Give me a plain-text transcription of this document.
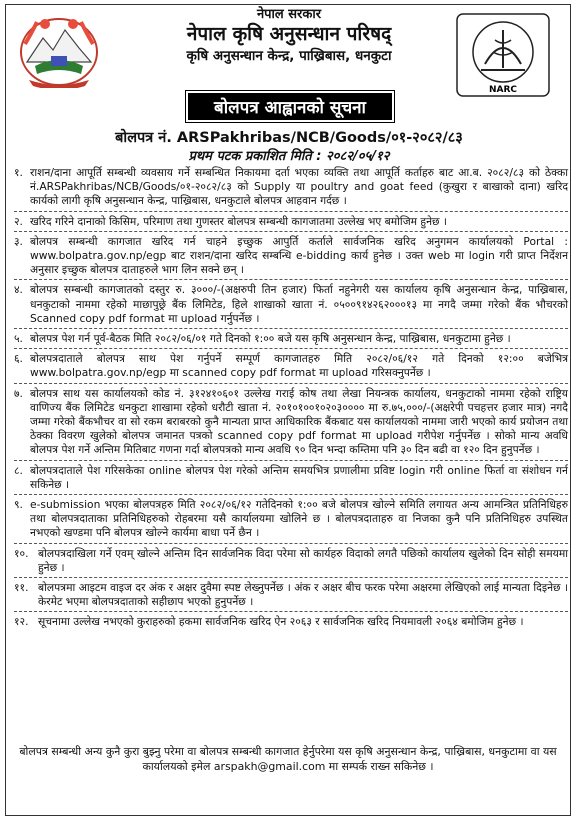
NARC
नेपाल सरकार
नेपाल कृषि अनुसन्धान परिषद्
कृषि अनुसन्धान केन्द्र, पाख्रिबास, धनकुटा
बोलपत्र आह्वानको सूचना
बोलपत्र नं. ARSPakhribas/NCB/Goods/०१-२०८२/८३
प्रथम पटक प्रकाशित मिति : २०८२/०५/१२
१. राशन/दाना आपूर्ति सम्बन्धी व्यवसाय गर्ने सम्बन्धित निकायमा दर्ता भएका व्यक्ति तथा आपूर्ति कर्ताहरु बाट आ.ब. २०८२/८३ को ठेक्का नं.ARSPakhribas/NCB/Goods/०१-२०८२/८३ को Supply या poultry and goat feed (कुखुरा र बाखाको दाना) खरिद कार्यको लागी कृषि अनुसन्धान केन्द्र, पाख्रिबास, धनकुटाले बोलपत्र आहवान गर्दछ ।
२. खरिद गरिने दानाको किसिम, परिमाण तथा गुणस्तर बोलपत्र सम्बन्धी कागजातमा उल्लेख भए बमोजिम हुनेछ ।
३. बोलपत्र सम्बन्धी कागजात खरिद गर्न चाहने इच्छुक आपुर्ति कर्ताले सार्वजनिक खरिद अनुगमन कार्यालयको Portal : www.bolpatra.gov.np/egp बाट राशन/दाना खरिद सम्बन्धि e-bidding कार्य हुनेछ । उक्त web मा login गरी प्राप्त निर्देशन अनुसार इच्छुक बोलपत्र दाताहरुले भाग लिन सक्ने छन् ।
४. बोलपत्र सम्बन्धी कागजातको दस्तुर रु. ३०००/-(अक्षरुपी तिन हजार) फिर्ता नहुनेगरी यस कार्यालय कृषि अनुसन्धान केन्द्र, पाख्रिबास, धनकुटाको नाममा रहेको माछापुछ्रे बैंक लिमिटेड, हिले शाखाको खाता नं. ०५००९१४२६२०००१३ मा नगदै जम्मा गरेको बैंक भौचरको Scanned copy pdf format मा upload गर्नुपर्नेछ ।
५. बोलपत्र पेश गर्न पूर्व-बैठक मिति २०८२/०६/०१ गते दिनको १:०० बजे यस कृषि अनुसन्धान केन्द्र, पाख्रिबास, धनकुटामा हुनेछ ।
६. बोलपत्रदाताले बोलपत्र साथ पेश गर्नुपर्ने सम्पूर्ण कागजातहरु मिति २०८२/०६/१२ गते दिनको १२:०० बजेभित्र www.bolpatra.gov.np/egp मा scanned copy pdf format मा upload गरिसक्नुपर्नेछ ।
७. बोलपत्र साथ यस कार्यालयको कोड नं. ३१२४१०६०१ उल्लेख गराई कोष तथा लेखा नियन्त्रक कार्यालय, धनकुटाको नाममा रहेको राष्ट्रिय वाणिज्य बैंक लिमिटेड धनकुटा शाखामा रहेको धरौटी खाता नं. २०१०१००१०२०३०००० मा रु.७५,०००/-(अक्षरेपी पचहत्तर हजार मात्र) नगदै जम्मा गरेको बैंकभौचर वा सो रकम बराबरको कुनै मान्यता प्राप्त आधिकारिक बैंकबाट यस कार्यालयको नाममा जारी भएको कार्य प्रयोजन तथा ठेक्का विवरण खुलेको बोलपत्र जमानत पत्रको scanned copy pdf format मा upload गरीपेश गर्नुपर्नेछ । सोको मान्य अवधि बोलपत्र पेश गर्ने अन्तिम मितिबाट गणना गर्दा बोलपत्रको मान्य अवधि ९० दिन भन्दा कम्तिमा पनि ३० दिन बढी वा १२० दिन हुनुपर्नेछ ।
८. बोलपत्रदाताले पेश गरिसकेका online बोलपत्र पेश गरेको अन्तिम समयभित्र प्रणालीमा प्रविष्ट login गरी online फिर्ता वा संशोधन गर्न सकिनेछ ।
९. e-submission भएका बोलपत्रहरु मिति २०८२/०६/१२ गतेदिनको १:०० बजे बोलपत्र खोल्ने समिति लगायत अन्य आमन्त्रित प्रतिनिधिहरु तथा बोलपत्रदाताका प्रतिनिधिहरुको रोहबरमा यसै कार्यालयमा खोलिने छ । बोलपत्रदाताहरु वा निजका कुनै पनि प्रतिनिधिहरु उपस्थित नभएको खण्डमा पनि बोलपत्र खोल्ने कार्यमा बाधा पर्ने छैन ।
१०. बोलपत्रदाखिला गर्ने एवम् खोल्ने अन्तिम दिन सार्वजनिक विदा परेमा सो कार्यहरु विदाको लगतै पछिको कार्यालय खुलेको दिन सोही समयमा हुनेछ ।
११. बोलपत्रमा आइटम वाइज दर अंक र अक्षर दुवैमा स्पष्ट लेख्नुपर्नेछ । अंक र अक्षर बीच फरक परेमा अक्षरमा लेखिएको लाई मान्यता दिइनेछ । केरमेट भएमा बोलपत्रदाताको सहीछाप भएको हुनुपर्नेछ ।
१२. सूचनामा उल्लेख नभएको कुराहरुको हकमा सार्वजनिक खरिद ऐन २०६३ र सार्वजनिक खरिद नियमावली २०६४ बमोजिम हुनेछ ।
बोलपत्र सम्बन्धी अन्य कुनै कुरा बुझ्नु परेमा वा बोलपत्र सम्बन्धी कागजात हेर्नुपरेमा यस कृषि अनुसन्धान केन्द्र, पाख्रिबास, धनकुटामा वा यस कार्यालयको इमेल arspakh@gmail.com मा सम्पर्क राख्न सकिनेछ ।
